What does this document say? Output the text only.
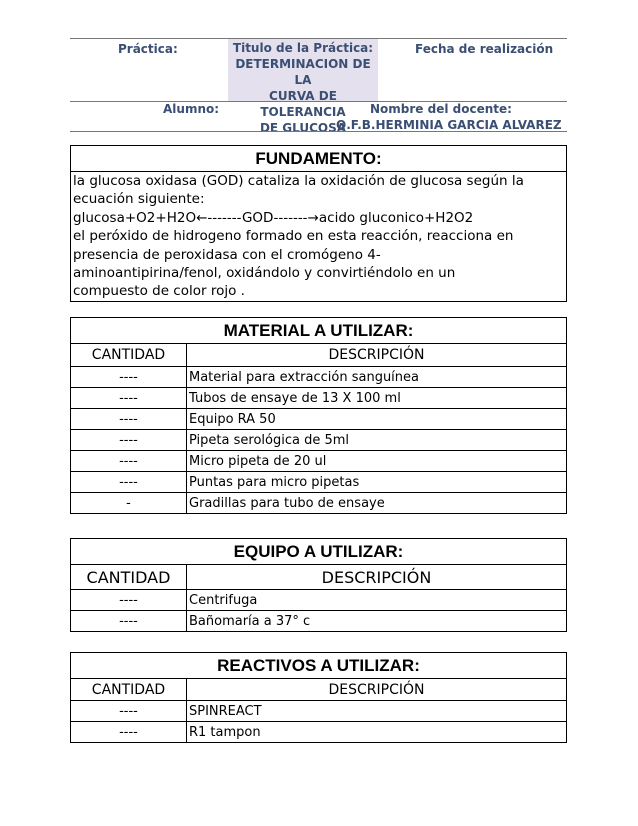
Práctica:	Titulo de la Práctica:
DETERMINACION DE LA
CURVA DE TOLERANCIA
DE GLUCOSA
Fecha de realización
Alumno:	Nombre del docente:
Q.F.B.HERMINIA GARCIA ALVAREZ
FUNDAMENTO:

la glucosa oxidasa (GOD) cataliza la oxidación de glucosa según la
ecuación siguiente:
glucosa+O2+H2O←-------GOD-------→acido gluconico+H2O2
el peróxido de hidrogeno formado en esta reacción, reacciona en
presencia de peroxidasa con el cromógeno 4-
aminoantipirina/fenol, oxidándolo y convirtiéndolo en un
compuesto de color rojo .
MATERIAL A UTILIZAR:	
CANTIDAD	DESCRIPCIÓN
----	Material para extracción sanguínea
----	Tubos de ensaye de 13 X 100 ml
----	Equipo RA 50
----	Pipeta serológica de 5ml
----	Micro pipeta de 20 ul
----	Puntas para micro pipetas
-	Gradillas para tubo de ensaye
EQUIPO A UTILIZAR:	
CANTIDAD	DESCRIPCIÓN
----	Centrifuga
----	Bañomaría a 37° c
REACTIVOS A UTILIZAR:	
CANTIDAD	DESCRIPCIÓN
----	SPINREACT
----	R1 tampon
